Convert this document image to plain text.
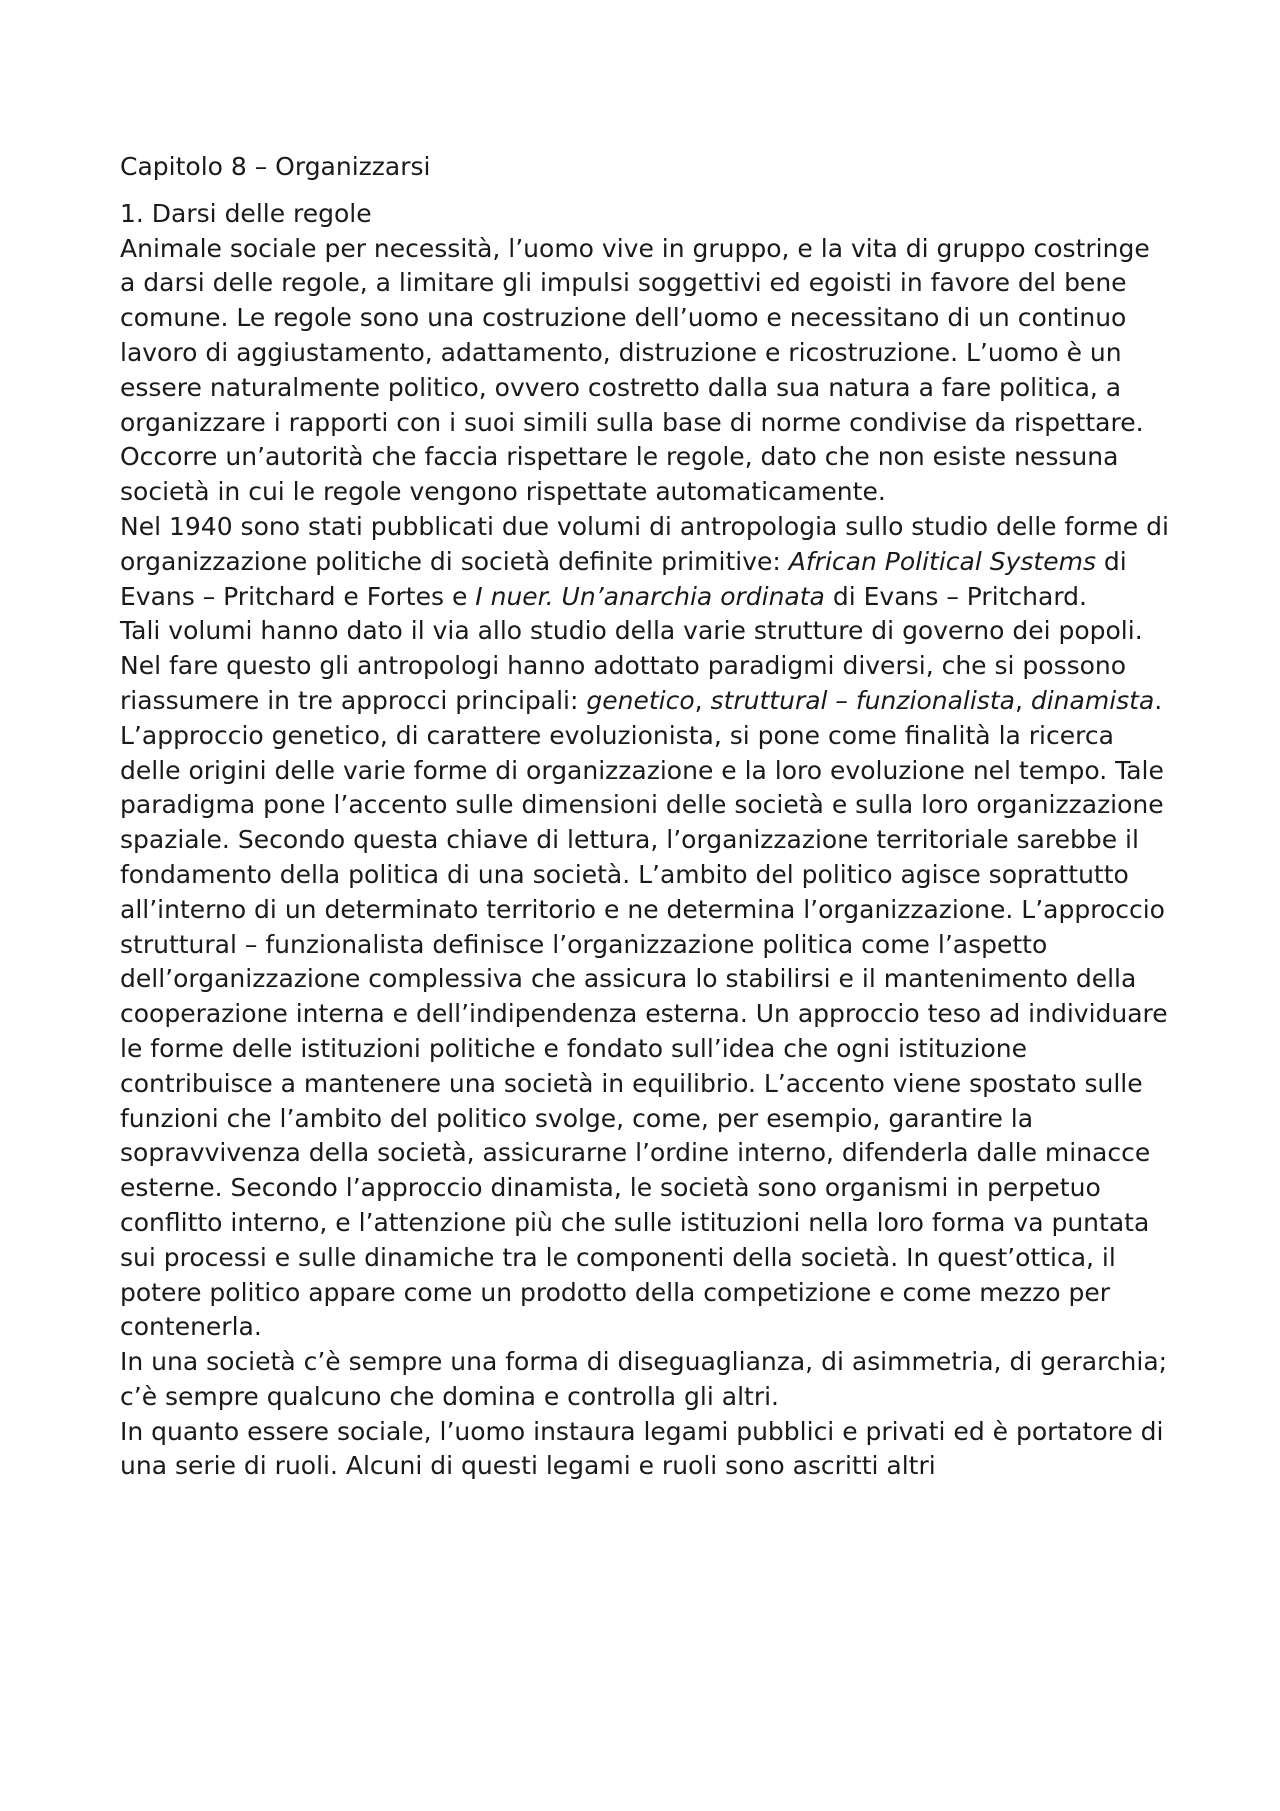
Capitolo 8 – Organizzarsi

1. Darsi delle regole

Animale sociale per necessità, l’uomo vive in gruppo, e la vita di gruppo costringe a darsi delle regole, a limitare gli impulsi soggettivi ed egoisti in favore del bene comune. Le regole sono una costruzione dell’uomo e necessitano di un continuo lavoro di aggiustamento, adattamento, distruzione e ricostruzione. L’uomo è un essere naturalmente politico, ovvero costretto dalla sua natura a fare politica, a organizzare i rapporti con i suoi simili sulla base di norme condivise da rispettare. Occorre un’autorità che faccia rispettare le regole, dato che non esiste nessuna società in cui le regole vengono rispettate automaticamente.

Nel 1940 sono stati pubblicati due volumi di antropologia sullo studio delle forme di organizzazione politiche di società definite primitive: African Political Systems di Evans – Pritchard e Fortes e I nuer. Un’anarchia ordinata di Evans – Pritchard.

Tali volumi hanno dato il via allo studio della varie strutture di governo dei popoli.

Nel fare questo gli antropologi hanno adottato paradigmi diversi, che si possono riassumere in tre approcci principali: genetico, struttural – funzionalista, dinamista.

L’approccio genetico, di carattere evoluzionista, si pone come finalità la ricerca delle origini delle varie forme di organizzazione e la loro evoluzione nel tempo. Tale paradigma pone l’accento sulle dimensioni delle società e sulla loro organizzazione spaziale. Secondo questa chiave di lettura, l’organizzazione territoriale sarebbe il fondamento della politica di una società. L’ambito del politico agisce soprattutto all’interno di un determinato territorio e ne determina l’organizzazione. L’approccio struttural – funzionalista definisce l’organizzazione politica come l’aspetto dell’organizzazione complessiva che assicura lo stabilirsi e il mantenimento della cooperazione interna e dell’indipendenza esterna. Un approccio teso ad individuare le forme delle istituzioni politiche e fondato sull’idea che ogni istituzione contribuisce a mantenere una società in equilibrio. L’accento viene spostato sulle funzioni che l’ambito del politico svolge, come, per esempio, garantire la sopravvivenza della società, assicurarne l’ordine interno, difenderla dalle minacce esterne. Secondo l’approccio dinamista, le società sono organismi in perpetuo conflitto interno, e l’attenzione più che sulle istituzioni nella loro forma va puntata sui processi e sulle dinamiche tra le componenti della società. In quest’ottica, il potere politico appare come un prodotto della competizione e come mezzo per contenerla.

In una società c’è sempre una forma di diseguaglianza, di asimmetria, di gerarchia; c’è sempre qualcuno che domina e controlla gli altri.

In quanto essere sociale, l’uomo instaura legami pubblici e privati ed è portatore di una serie di ruoli. Alcuni di questi legami e ruoli sono ascritti altri
